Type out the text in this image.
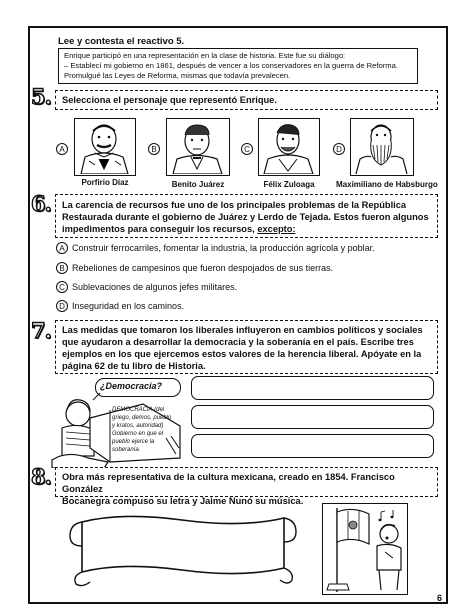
Lee y contesta el reactivo 5.
Enrique participó en una representación en la clase de historia. Este fue su diálogo:
– Establecí mi gobierno en 1861, después de vencer a los conservadores en la guerra de Reforma.
Promulgué las Leyes de Reforma, mismas que todavía prevalecen.
5. Selecciona el personaje que representó Enrique.
A
Porfirio Díaz
B
Benito Juárez
C
Félix Zuloaga
D
Maximiliano de Habsburgo
6. La carencia de recursos fue uno de los principales problemas de la República
Restaurada durante el gobierno de Juárez y Lerdo de Tejada. Estos fueron algunos
impedimentos para conseguir los recursos, excepto:
A Construir ferrocarriles, fomentar la industria, la producción agrícola y poblar.
B Rebeliones de campesinos que fueron despojados de sus tierras.
C Sublevaciones de algunos jefes militares.
D Inseguridad en los caminos.
7. Las medidas que tomaron los liberales influyeron en cambios políticos y sociales
que ayudaron a desarrollar la democracia y la soberanía en el país. Escribe tres
ejemplos en los que ejercemos estos valores de la herencia liberal. Apóyate en la
página 62 de tu libro de Historia.
¿Democracia?
DEMOCRACIA (del
griego, demos, pueblo
y kratos, autoridad)
Gobierno en que el
pueblo ejerce la
soberanía.
8. Obra más representativa de la cultura mexicana, creado en 1854. Francisco González
Bocanegra compuso su letra y Jaime Nunó su música.
6
